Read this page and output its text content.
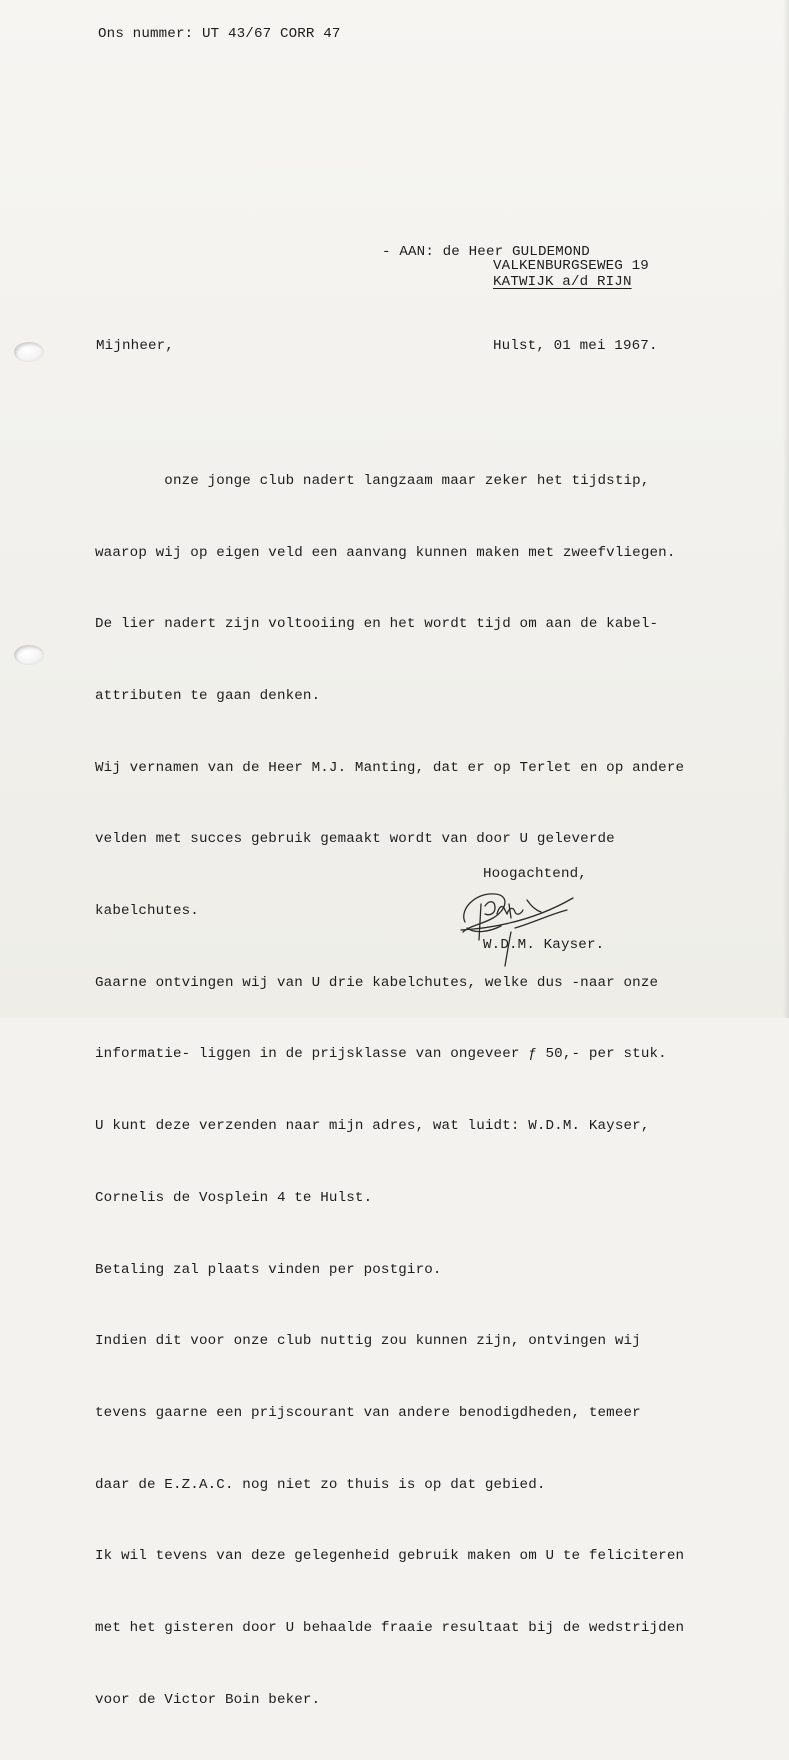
Ons nummer: UT 43/67 CORR 47
- AAN: de Heer GULDEMOND
VALKENBURGSEWEG 19
KATWIJK a/d RIJN
Mijnheer,	Hulst, 01 mei 1967.

onze jonge club nadert langzaam maar zeker het tijdstip,

waarop wij op eigen veld een aanvang kunnen maken met zweefvliegen.

De lier nadert zijn voltooiing en het wordt tijd om aan de kabel-

attributen te gaan denken.

Wij vernamen van de Heer M.J. Manting, dat er op Terlet en op andere

velden met succes gebruik gemaakt wordt van door U geleverde

kabelchutes.

Gaarne ontvingen wij van U drie kabelchutes, welke dus -naar onze

informatie- liggen in de prijsklasse van ongeveer ƒ 50,- per stuk.

U kunt deze verzenden naar mijn adres, wat luidt: W.D.M. Kayser,

Cornelis de Vosplein 4 te Hulst.

Betaling zal plaats vinden per postgiro.

Indien dit voor onze club nuttig zou kunnen zijn, ontvingen wij

tevens gaarne een prijscourant van andere benodigdheden, temeer

daar de E.Z.A.C. nog niet zo thuis is op dat gebied.

Ik wil tevens van deze gelegenheid gebruik maken om U te feliciteren

met het gisteren door U behaalde fraaie resultaat bij de wedstrijden

voor de Victor Boin beker.

Hoogachtend,
W.D.M. Kayser.
